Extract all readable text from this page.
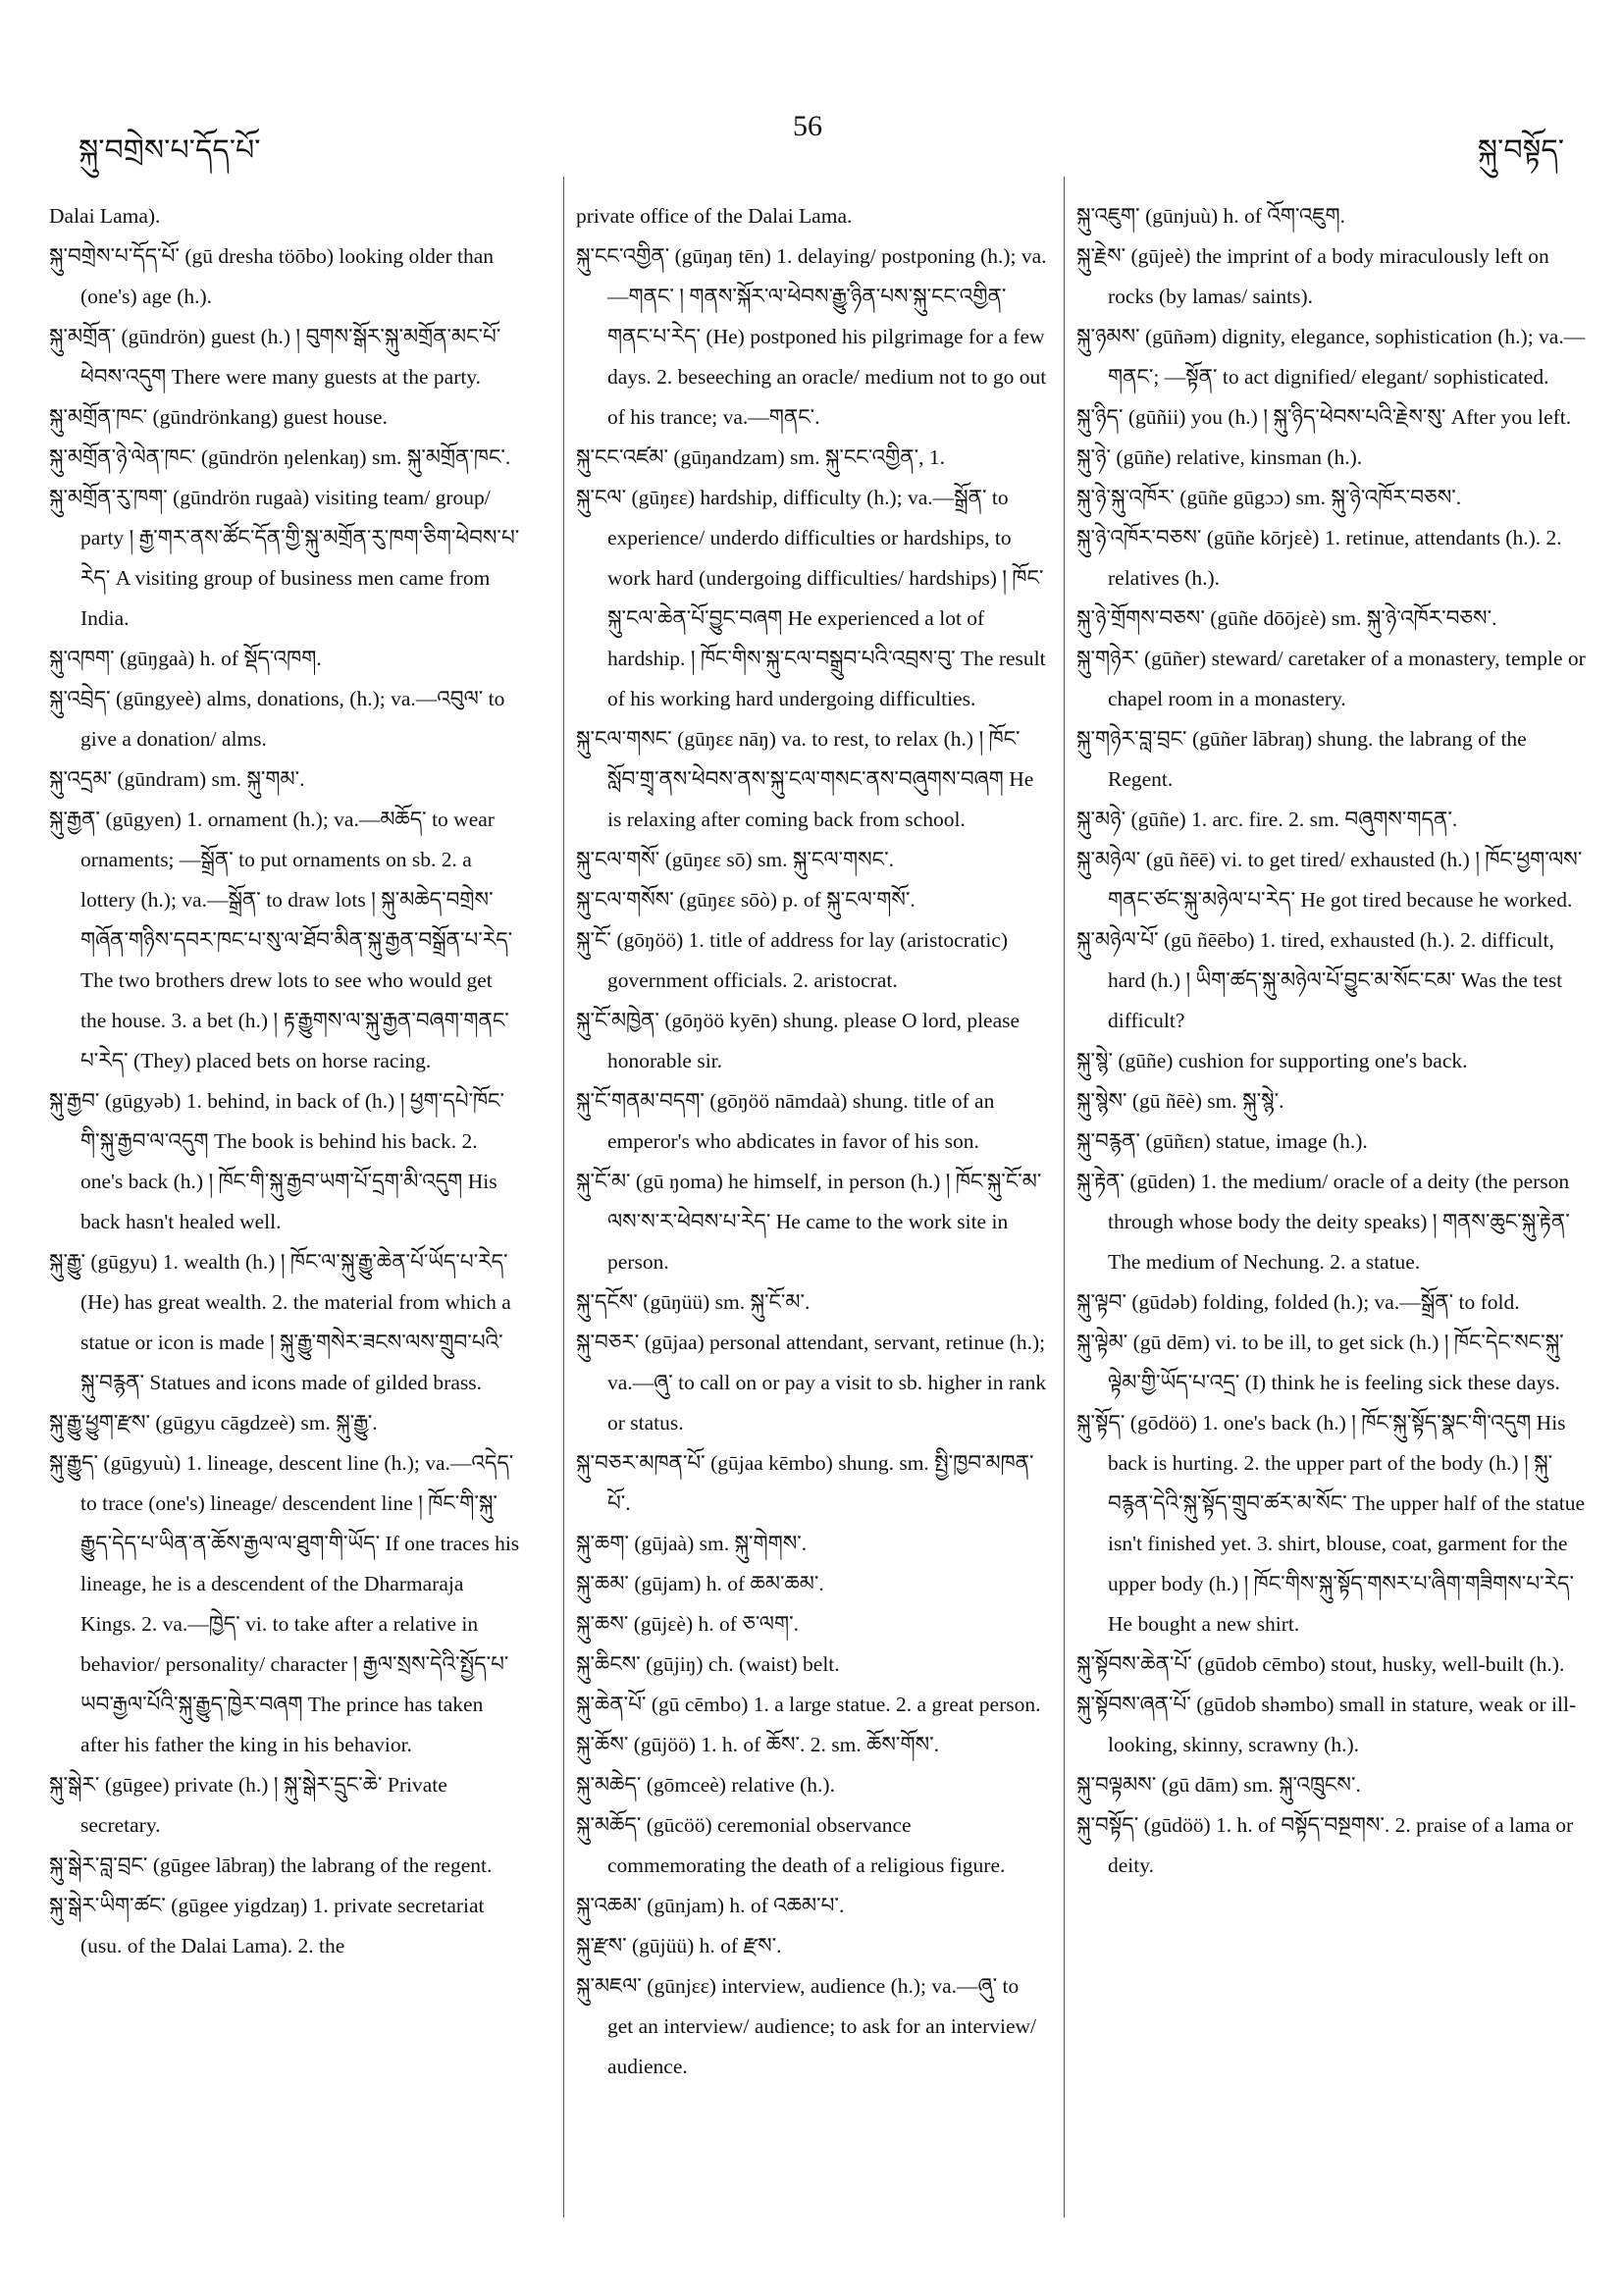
སྐུ་བགྲེས་པ་དོད་པོ་
56
སྐུ་བསྟོད་

Dalai Lama).

སྐུ་བགྲེས་པ་དོད་པོ་ (gū dresha töōbo) looking older than (one's) age (h.).

སྐུ་མགྲོན་ (gūndrön) guest (h.) ། བུགས་སྒོར་སྐུ་མགྲོན་མང་པོ་ཕེབས་འདུག There were many guests at the party.

སྐུ་མགྲོན་ཁང་ (gūndrönkang) guest house.

སྐུ་མགྲོན་ཉེ་ལེན་ཁང་ (gūndrön ŋelenkaŋ) sm. སྐུ་མགྲོན་ཁང་.

སྐུ་མགྲོན་རུ་ཁག་ (gūndrön rugaà) visiting team/ group/ party ། རྒྱ་གར་ནས་ཚོང་དོན་གྱི་སྐུ་མགྲོན་རུ་ཁག་ཅིག་ཕེབས་པ་རེད་ A visiting group of business men came from India.

སྐུ་འཁག་ (gūŋgaà) h. of སྡོད་འཁག.

སྐུ་འབྲེད་ (gūngyeè) alms, donations, (h.); va.—འབུལ་ to give a donation/ alms.

སྐུ་འདྲམ་ (gūndram) sm. སྐུ་གམ་.

སྐུ་རྒྱན་ (gūgyen) 1. ornament (h.); va.—མཆོད་ to wear ornaments; —སྒྲོན་ to put ornaments on sb. 2. a lottery (h.); va.—སྒྲོན་ to draw lots ། སྐུ་མཆེད་བགྲེས་གཞོན་གཉིས་དབར་ཁང་པ་སུ་ལ་ཐོབ་མིན་སྐུ་རྒྱན་བསྒྲོན་པ་རེད་ The two brothers drew lots to see who would get the house. 3. a bet (h.) ། རྟ་རྒྱུགས་ལ་སྐུ་རྒྱན་བཞག་གནང་པ་རེད་ (They) placed bets on horse racing.

སྐུ་རྒྱབ་ (gūgyəb) 1. behind, in back of (h.) ། ཕྱག་དཔེ་ཁོང་གི་སྐུ་རྒྱབ་ལ་འདུག The book is behind his back. 2. one's back (h.) ། ཁོང་གི་སྐུ་རྒྱབ་ཡག་པོ་དྲག་མི་འདུག His back hasn't healed well.

སྐུ་རྒྱུ་ (gūgyu) 1. wealth (h.) ། ཁོང་ལ་སྐུ་རྒྱུ་ཆེན་པོ་ཡོད་པ་རེད་ (He) has great wealth. 2. the material from which a statue or icon is made ། སྐུ་རྒྱུ་གསེར་ཟངས་ལས་གྲུབ་པའི་སྐུ་བརྙན་ Statues and icons made of gilded brass.

སྐུ་རྒྱུ་ཕྱུག་རྫས་ (gūgyu cāgdzeè) sm. སྐུ་རྒྱུ་.

སྐུ་རྒྱུད་ (gūgyuù) 1. lineage, descent line (h.); va.—འདེད་ to trace (one's) lineage/ descendent line ། ཁོང་གི་སྐུ་རྒྱུད་དེད་པ་ཡིན་ན་ཆོས་རྒྱལ་ལ་ཐུག་གི་ཡོད་ If one traces his lineage, he is a descendent of the Dharmaraja Kings. 2. va.—ཁྱེད་ vi. to take after a relative in behavior/ personality/ character ། རྒྱལ་སྲས་དེའི་སྤྱོད་པ་ཡབ་རྒྱལ་པོའི་སྐུ་རྒྱུད་ཁྱེར་བཞག The prince has taken after his father the king in his behavior.

སྐུ་སྒེར་ (gūgee) private (h.) ། སྐུ་སྒེར་དྲུང་ཆེ་ Private secretary.

སྐུ་སྒེར་བླ་བྲང་ (gūgee lābraŋ) the labrang of the regent.

སྐུ་སྒེར་ཡིག་ཚང་ (gūgee yigdzaŋ) 1. private secretariat (usu. of the Dalai Lama). 2. the

private office of the Dalai Lama.

སྐུ་ངང་འགྱིན་ (gūŋaŋ tēn) 1. delaying/ postponing (h.); va.—གནང་ ། གནས་སྐོར་ལ་ཕེབས་རྒྱུ་ཉིན་པས་སྐུ་ངང་འགྱིན་གནང་པ་རེད་ (He) postponed his pilgrimage for a few days. 2. beseeching an oracle/ medium not to go out of his trance; va.—གནང་.

སྐུ་ངང་འཛམ་ (gūŋandzam) sm. སྐུ་ངང་འགྱིན་, 1.

སྐུ་ངལ་ (gūŋεε) hardship, difficulty (h.); va.—སྒྲོན་ to experience/ underdo difficulties or hardships, to work hard (undergoing difficulties/ hardships) ། ཁོང་སྐུ་ངལ་ཆེན་པོ་བྱུང་བཞག He experienced a lot of hardship. ། ཁོང་གིས་སྐུ་ངལ་བསྒྲུབ་པའི་འབྲས་བུ་ The result of his working hard undergoing difficulties.

སྐུ་ངལ་གསང་ (gūŋεε nāŋ) va. to rest, to relax (h.) ། ཁོང་སློབ་གྲྭ་ནས་ཕེབས་ནས་སྐུ་ངལ་གསང་ནས་བཞུགས་བཞག He is relaxing after coming back from school.

སྐུ་ངལ་གསོ་ (gūŋεε sō) sm. སྐུ་ངལ་གསང་.

སྐུ་ངལ་གསོས་ (gūŋεε sōò) p. of སྐུ་ངལ་གསོ་.

སྐུ་ངོ་ (gōŋöö) 1. title of address for lay (aristocratic) government officials. 2. aristocrat.

སྐུ་ངོ་མཁྱེན་ (gōŋöö kyēn) shung. please O lord, please honorable sir.

སྐུ་ངོ་གནམ་བདག་ (gōŋöö nāmdaà) shung. title of an emperor's who abdicates in favor of his son.

སྐུ་ངོ་མ་ (gū ŋoma) he himself, in person (h.) ། ཁོང་སྐུ་ངོ་མ་ལས་ས་ར་ཕེབས་པ་རེད་ He came to the work site in person.

སྐུ་དངོས་ (gūŋüü) sm. སྐུ་ངོ་མ་.

སྐུ་བཅར་ (gūjaa) personal attendant, servant, retinue (h.); va.—ཞུ་ to call on or pay a visit to sb. higher in rank or status.

སྐུ་བཅར་མཁན་པོ་ (gūjaa kēmbo) shung. sm. སྤྱི་ཁྱབ་མཁན་པོ་.

སྐུ་ཆག་ (gūjaà) sm. སྐུ་གེགས་.

སྐུ་ཆམ་ (gūjam) h. of ཆམ་ཆམ་.

སྐུ་ཆས་ (gūjεè) h. of ཅ་ལག་.

སྐུ་ཆིངས་ (gūjiŋ) ch. (waist) belt.

སྐུ་ཆེན་པོ་ (gū cēmbo) 1. a large statue. 2. a great person.

སྐུ་ཆོས་ (gūjöö) 1. h. of ཆོས་. 2. sm. ཆོས་གོས་.

སྐུ་མཆེད་ (gōmceè) relative (h.).

སྐུ་མཆོད་ (gūcöö) ceremonial observance commemorating the death of a religious figure.

སྐུ་འཆམ་ (gūnjam) h. of འཆམ་པ་.

སྐུ་རྫས་ (gūjüü) h. of རྫས་.

སྐུ་མཇལ་ (gūnjεε) interview, audience (h.); va.—ཞུ་ to get an interview/ audience; to ask for an interview/ audience.

སྐུ་འཇུག་ (gūnjuù) h. of འོག་འཇུག.

སྐུ་རྗེས་ (gūjeè) the imprint of a body miraculously left on rocks (by lamas/ saints).

སྐུ་ཉམས་ (gūñəm) dignity, elegance, sophistication (h.); va.—གནང་; —སྟོན་ to act dignified/ elegant/ sophisticated.

སྐུ་ཉིད་ (gūñii) you (h.) ། སྐུ་ཉིད་ཕེབས་པའི་རྗེས་སུ་ After you left.

སྐུ་ཉེ་ (gūñe) relative, kinsman (h.).

སྐུ་ཉེ་སྐུ་འཁོར་ (gūñe gūgɔɔ) sm. སྐུ་ཉེ་འཁོར་བཅས་.

སྐུ་ཉེ་འཁོར་བཅས་ (gūñe kōrjεè) 1. retinue, attendants (h.). 2. relatives (h.).

སྐུ་ཉེ་གྲོགས་བཅས་ (gūñe dōōjεè) sm. སྐུ་ཉེ་འཁོར་བཅས་.

སྐུ་གཉེར་ (gūñer) steward/ caretaker of a monastery, temple or chapel room in a monastery.

སྐུ་གཉེར་བླ་བྲང་ (gūñer lābraŋ) shung. the labrang of the Regent.

སྐུ་མཉེ་ (gūñe) 1. arc. fire. 2. sm. བཞུགས་གདན་.

སྐུ་མཉེལ་ (gū ñēē) vi. to get tired/ exhausted (h.) ། ཁོང་ཕྱག་ལས་གནང་ཙང་སྐུ་མཉེལ་པ་རེད་ He got tired because he worked.

སྐུ་མཉེལ་པོ་ (gū ñēēbo) 1. tired, exhausted (h.). 2. difficult, hard (h.) ། ཡིག་ཚད་སྐུ་མཉེལ་པོ་བྱུང་མ་སོང་ངམ་ Was the test difficult?

སྐུ་སྙེ་ (gūñe) cushion for supporting one's back.

སྐུ་སྙེས་ (gū ñēè) sm. སྐུ་སྙེ་.

སྐུ་བརྙན་ (gūñεn) statue, image (h.).

སྐུ་རྟེན་ (gūden) 1. the medium/ oracle of a deity (the person through whose body the deity speaks) ། གནས་ཆུང་སྐུ་རྟེན་ The medium of Nechung. 2. a statue.

སྐུ་ལྟབ་ (gūdəb) folding, folded (h.); va.—སྒྲོན་ to fold.

སྐུ་ལྟེམ་ (gū dēm) vi. to be ill, to get sick (h.) ། ཁོང་དེང་སང་སྐུ་ལྟེམ་གྱི་ཡོད་པ་འདྲ་ (I) think he is feeling sick these days.

སྐུ་སྟོད་ (gōdöö) 1. one's back (h.) ། ཁོང་སྐུ་སྟོད་སྣང་གི་འདུག His back is hurting. 2. the upper part of the body (h.) ། སྐུ་བརྙན་དེའི་སྐུ་སྟོད་གྲུབ་ཚར་མ་སོང་ The upper half of the statue isn't finished yet. 3. shirt, blouse, coat, garment for the upper body (h.) ། ཁོང་གིས་སྐུ་སྟོད་གསར་པ་ཞིག་གཟིགས་པ་རེད་ He bought a new shirt.

སྐུ་སྟོབས་ཆེན་པོ་ (gūdob cēmbo) stout, husky, well-built (h.).

སྐུ་སྟོབས་ཞན་པོ་ (gūdob shəmbo) small in stature, weak or ill-looking, skinny, scrawny (h.).

སྐུ་བལྟམས་ (gū dām) sm. སྐུ་འཁྲུངས་.

སྐུ་བསྟོད་ (gūdöö) 1. h. of བསྟོད་བསྔགས་. 2. praise of a lama or deity.
